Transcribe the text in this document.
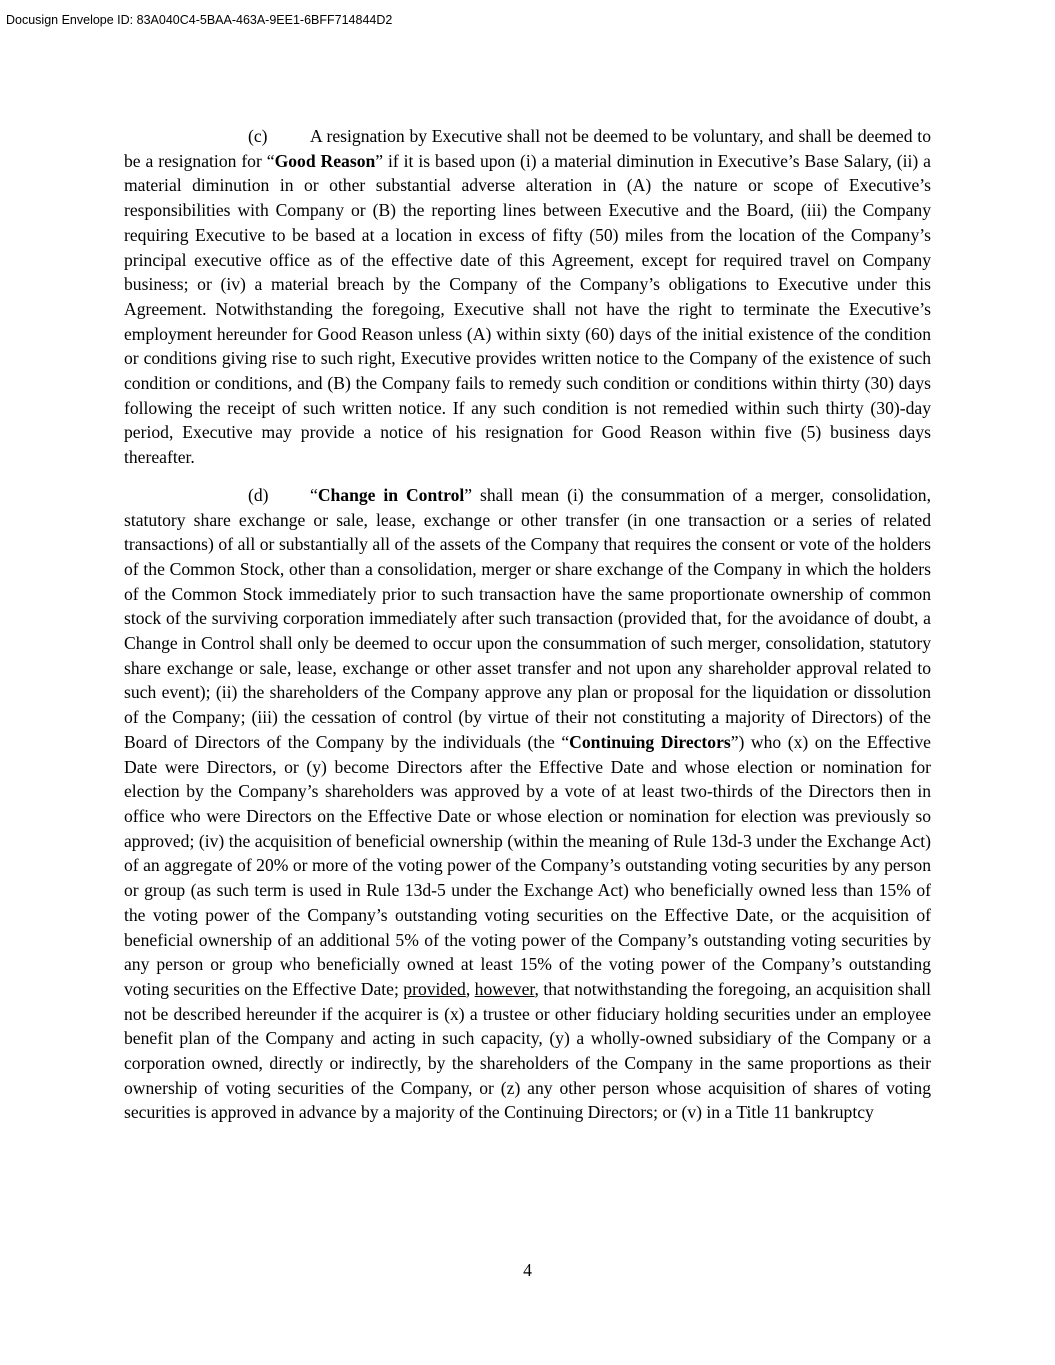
Docusign Envelope ID: 83A040C4-5BAA-463A-9EE1-6BFF714844D2

(c) A resignation by Executive shall not be deemed to be voluntary, and shall be deemed to be a resignation for “Good Reason” if it is based upon (i) a material diminution in Executive’s Base Salary, (ii) a material diminution in or other substantial adverse alteration in (A) the nature or scope of Executive’s responsibilities with Company or (B) the reporting lines between Executive and the Board, (iii) the Company requiring Executive to be based at a location in excess of fifty (50) miles from the location of the Company’s principal executive office as of the effective date of this Agreement, except for required travel on Company business; or (iv) a material breach by the Company of the Company’s obligations to Executive under this Agreement. Notwithstanding the foregoing, Executive shall not have the right to terminate the Executive’s employment hereunder for Good Reason unless (A) within sixty (60) days of the initial existence of the condition or conditions giving rise to such right, Executive provides written notice to the Company of the existence of such condition or conditions, and (B) the Company fails to remedy such condition or conditions within thirty (30) days following the receipt of such written notice. If any such condition is not remedied within such thirty (30)-day period, Executive may provide a notice of his resignation for Good Reason within five (5) business days thereafter.

(d) “Change in Control” shall mean (i) the consummation of a merger, consolidation, statutory share exchange or sale, lease, exchange or other transfer (in one transaction or a series of related transactions) of all or substantially all of the assets of the Company that requires the consent or vote of the holders of the Common Stock, other than a consolidation, merger or share exchange of the Company in which the holders of the Common Stock immediately prior to such transaction have the same proportionate ownership of common stock of the surviving corporation immediately after such transaction (provided that, for the avoidance of doubt, a Change in Control shall only be deemed to occur upon the consummation of such merger, consolidation, statutory share exchange or sale, lease, exchange or other asset transfer and not upon any shareholder approval related to such event); (ii) the shareholders of the Company approve any plan or proposal for the liquidation or dissolution of the Company; (iii) the cessation of control (by virtue of their not constituting a majority of Directors) of the Board of Directors of the Company by the individuals (the “Continuing Directors”) who (x) on the Effective Date were Directors, or (y) become Directors after the Effective Date and whose election or nomination for election by the Company’s shareholders was approved by a vote of at least two-thirds of the Directors then in office who were Directors on the Effective Date or whose election or nomination for election was previously so approved; (iv) the acquisition of beneficial ownership (within the meaning of Rule 13d-3 under the Exchange Act) of an aggregate of 20% or more of the voting power of the Company’s outstanding voting securities by any person or group (as such term is used in Rule 13d-5 under the Exchange Act) who beneficially owned less than 15% of the voting power of the Company’s outstanding voting securities on the Effective Date, or the acquisition of beneficial ownership of an additional 5% of the voting power of the Company’s outstanding voting securities by any person or group who beneficially owned at least 15% of the voting power of the Company’s outstanding voting securities on the Effective Date; provided, however, that notwithstanding the foregoing, an acquisition shall not be described hereunder if the acquirer is (x) a trustee or other fiduciary holding securities under an employee benefit plan of the Company and acting in such capacity, (y) a wholly-owned subsidiary of the Company or a corporation owned, directly or indirectly, by the shareholders of the Company in the same proportions as their ownership of voting securities of the Company, or (z) any other person whose acquisition of shares of voting securities is approved in advance by a majority of the Continuing Directors; or (v) in a Title 11 bankruptcy

4
